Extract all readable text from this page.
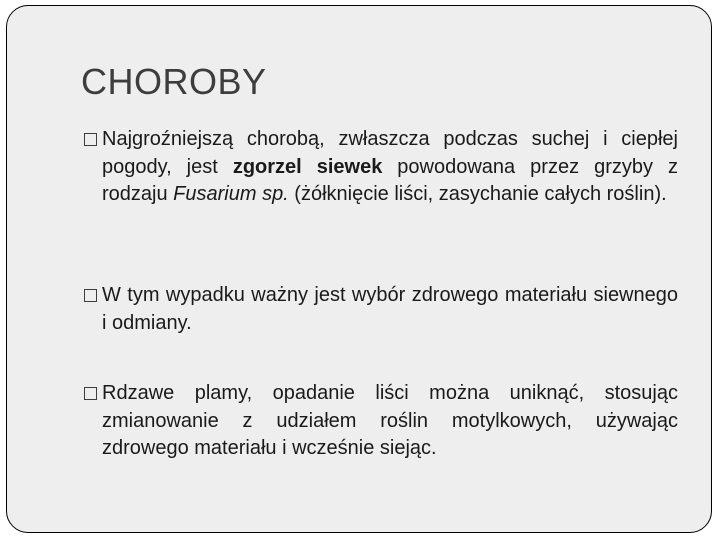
CHOROBY
Najgroźniejszą chorobą, zwłaszcza podczas suchej i ciepłej pogody, jest zgorzel siewek powodowana przez grzyby z rodzaju Fusarium sp. (żółknięcie liści, zasychanie całych roślin).
W tym wypadku ważny jest wybór zdrowego materiału siewnego i odmiany.
Rdzawe plamy, opadanie liści można uniknąć, stosując zmianowanie z udziałem roślin motylkowych, używając zdrowego materiału i wcześnie siejąc.
